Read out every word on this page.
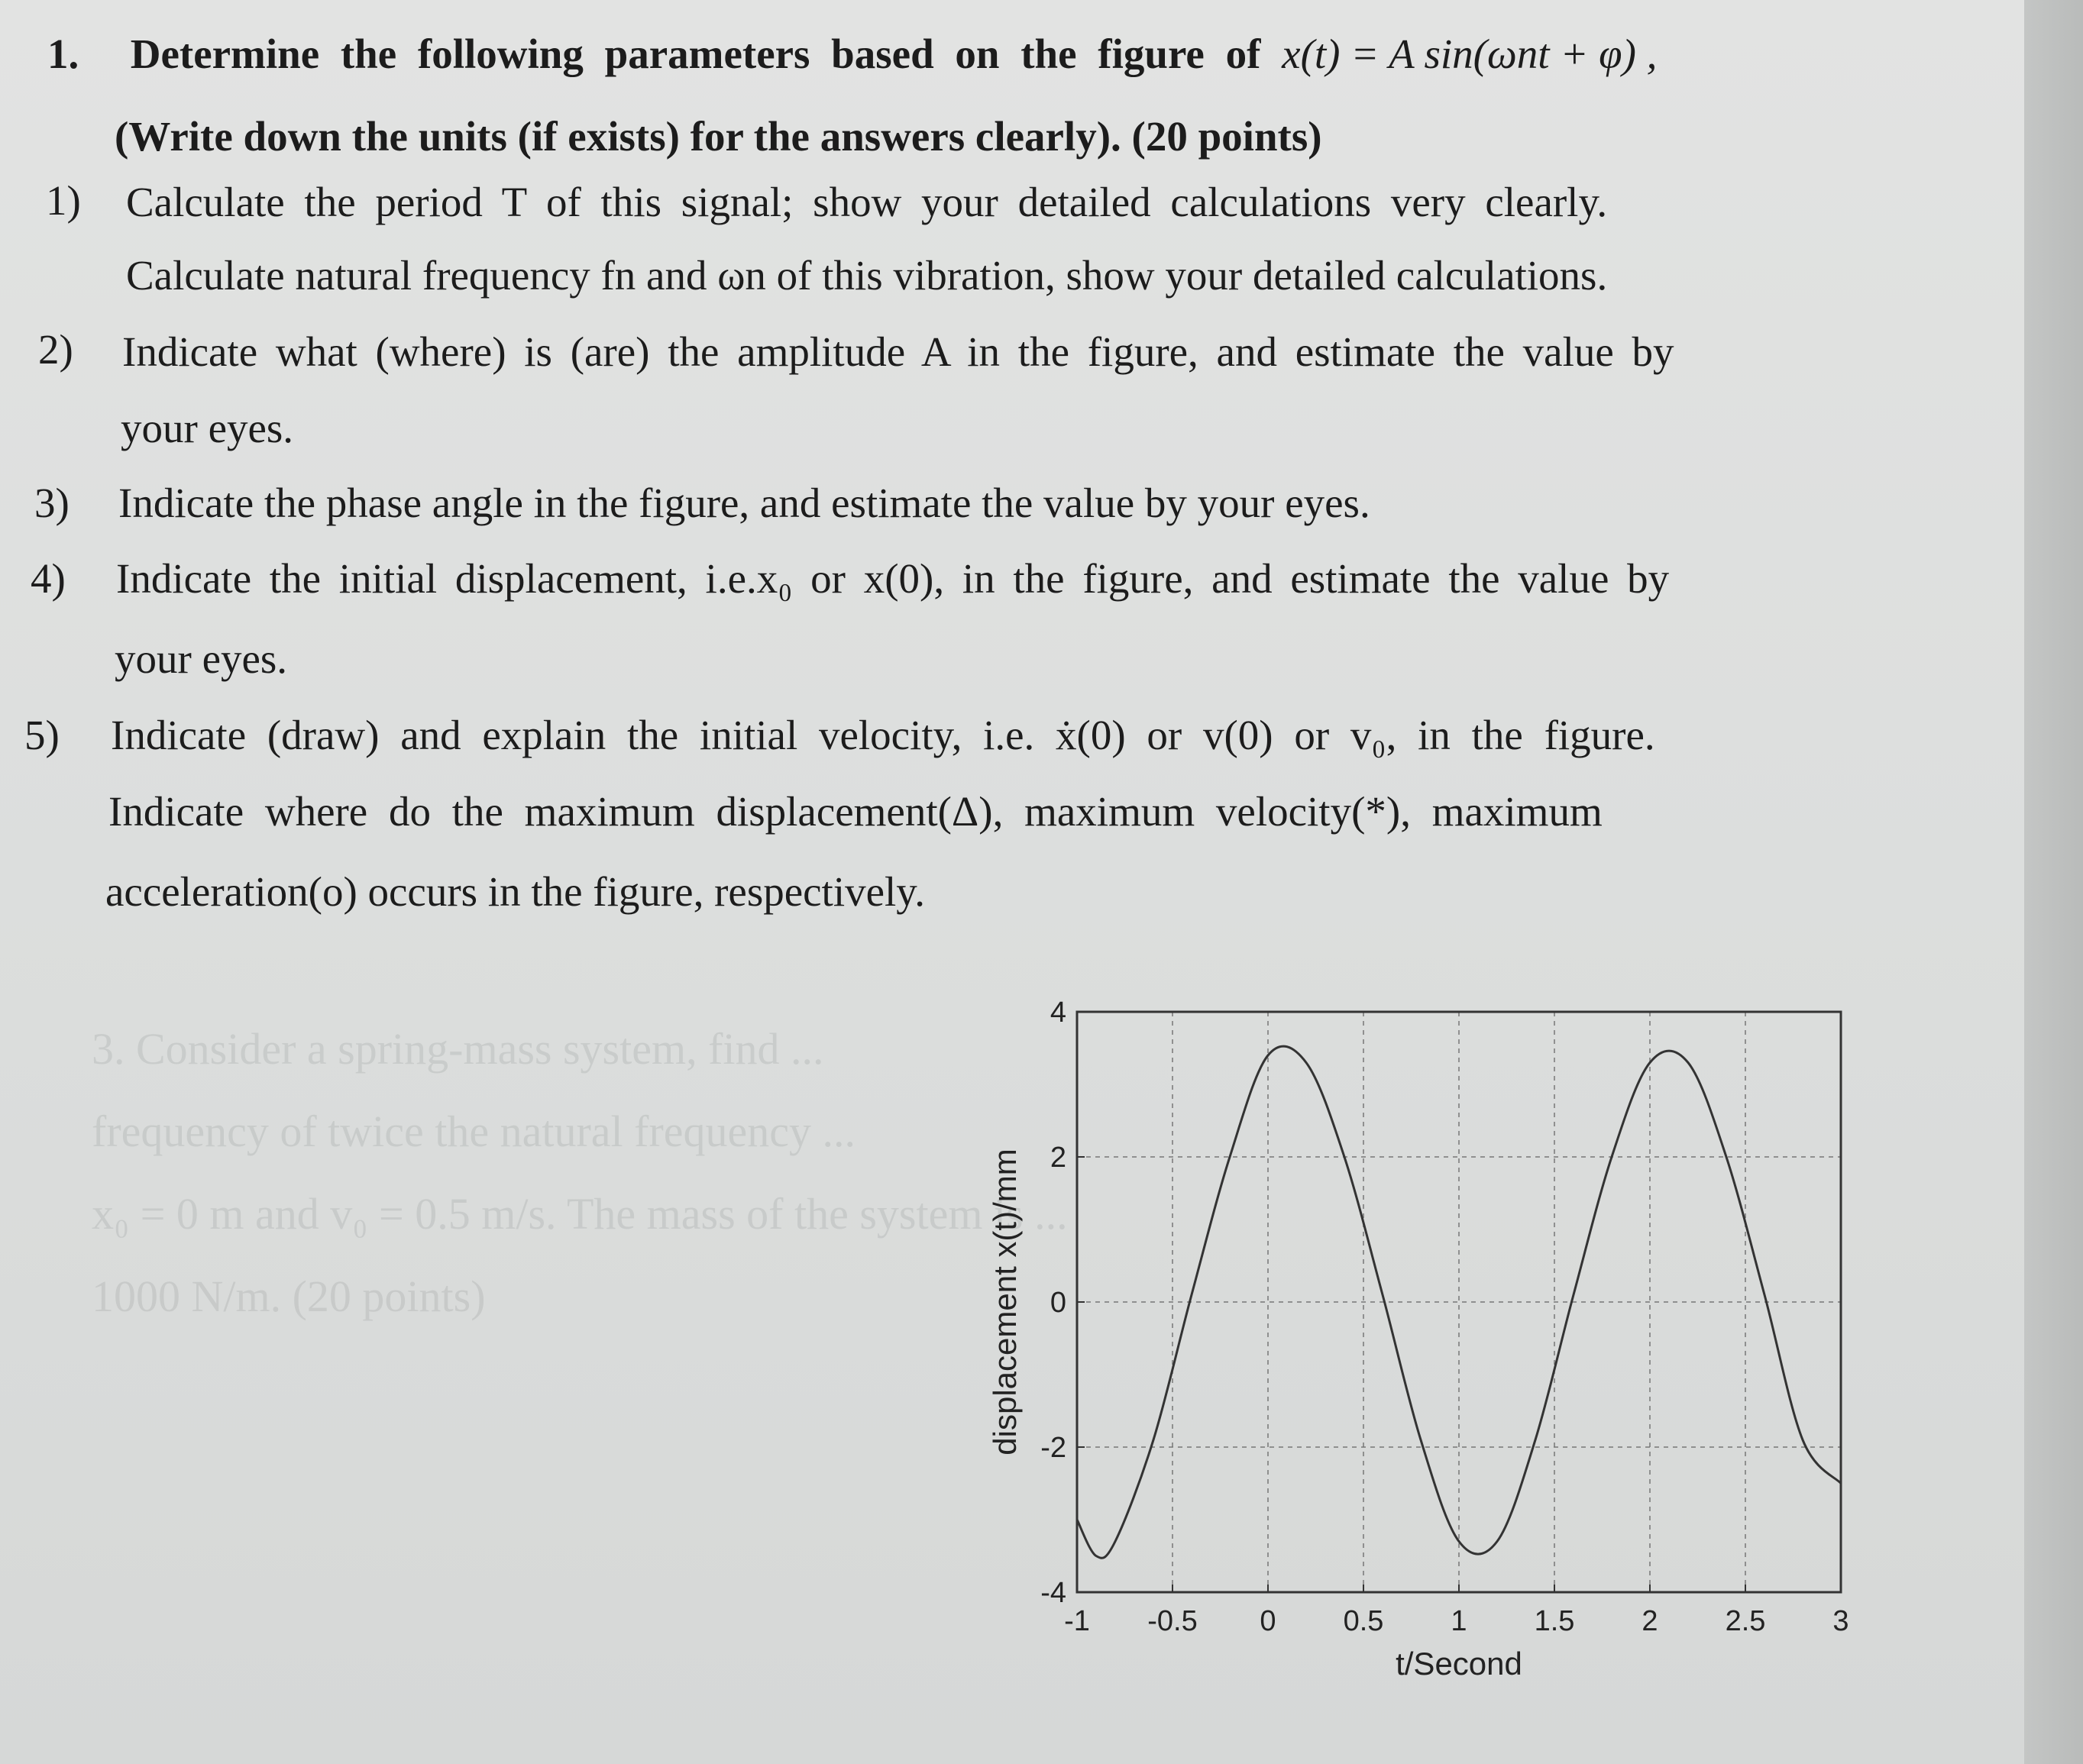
3. Consider a spring-mass system, find ...
frequency of twice the natural frequency ...
x₀ = 0 m and v₀ = 0.5 m/s. The mass of the system is ...
1000 N/m. (20 points)
1. Determine the following parameters based on the figure of x(t) = A sin(ωnt + φ) ,
(Write down the units (if exists) for the answers clearly). (20 points)
1) Calculate the period T of this signal; show your detailed calculations very clearly.
Calculate natural frequency fn and ωn of this vibration, show your detailed calculations.
2) Indicate what (where) is (are) the amplitude A in the figure, and estimate the value by
your eyes.
3) Indicate the phase angle in the figure, and estimate the value by your eyes.
4) Indicate the initial displacement, i.e.x₀ or x(0), in the figure, and estimate the value by
your eyes.
5) Indicate (draw) and explain the initial velocity, i.e. ẋ(0) or v(0) or v₀, in the figure.
Indicate where do the maximum displacement(Δ), maximum velocity(*), maximum
acceleration(o) occurs in the figure, respectively.
4
2
0
-2
-4
-1 -0.5 0 0.5 1 1.5 2 2.5 3
t/Second
displacement x(t)/mm
